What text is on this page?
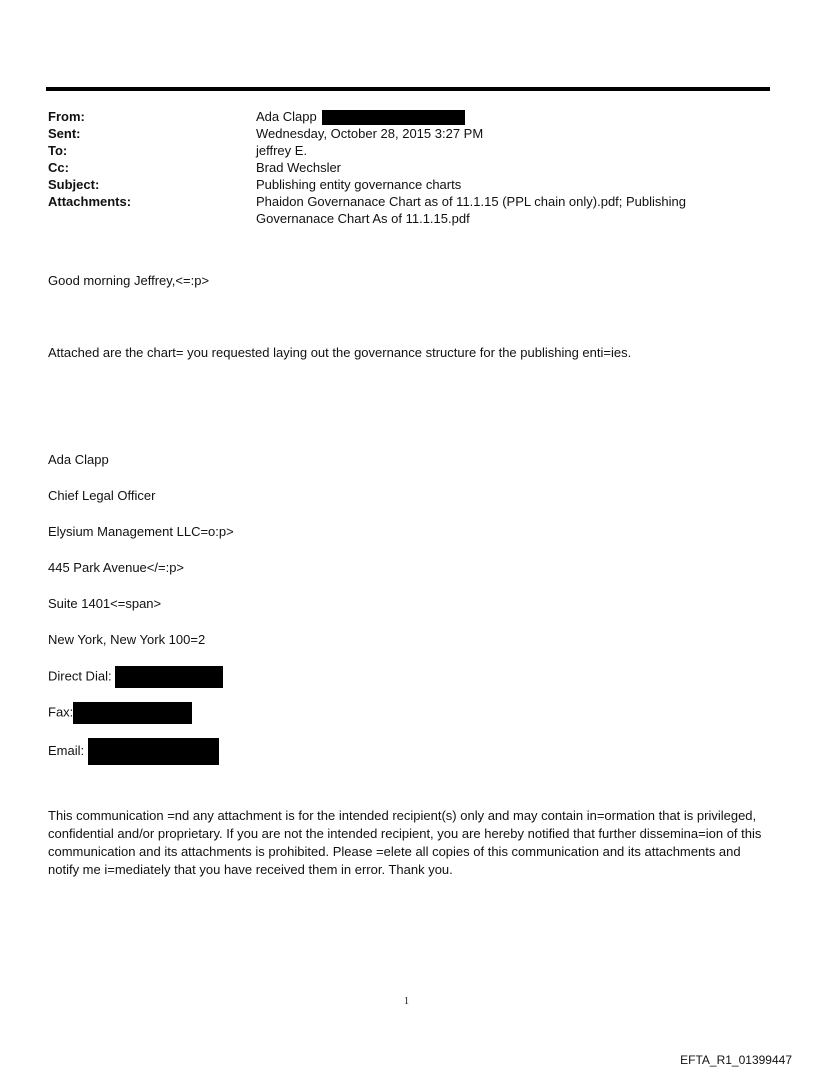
From:	Ada Clapp
Sent:	Wednesday, October 28, 2015 3:27 PM
To:	jeffrey E.
Cc:	Brad Wechsler
Subject:	Publishing entity governance charts
Attachments:	Phaidon Governanace Chart as of 11.1.15 (PPL chain only).pdf; Publishing
Governanace Chart As of 11.1.15.pdf
Good morning Jeffrey,<=:p>
Attached are the chart= you requested laying out the governance structure for the publishing enti=ies.
Ada Clapp
Chief Legal Officer
Elysium Management LLC=o:p>
445 Park Avenue</=:p>
Suite 1401<=span>
New York, New York 100=2
Direct Dial:
Fax:
Email:
This communication =nd any attachment is for the intended recipient(s) only and may contain in=ormation that is privileged, confidential and/or proprietary. If you are not the intended recipient, you are hereby notified that further dissemina=ion of this communication and its attachments is prohibited. Please =elete all copies of this communication and its attachments and notify me i=mediately that you have received them in error. Thank you.
1
EFTA_R1_01399447
